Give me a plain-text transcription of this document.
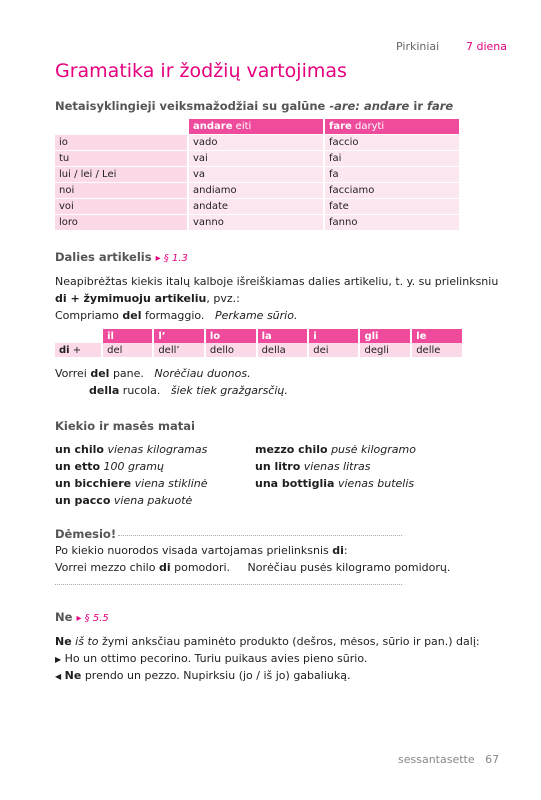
Pirkiniai 7 diena
Gramatika ir žodžių vartojimas
Netaisyklingieji veiksmažodžiai su galūne -are: andare ir fare
	andare eiti	fare daryti
io	vado	faccio
tu	vai	fai
lui / lei / Lei	va	fa
noi	andiamo	facciamo
voi	andate	fate
loro	vanno	fanno
Dalies artikelis ▸ § 1.3
Neapibrėžtas kiekis italų kalboje išreiškiamas dalies artikeliu, t. y. su prielinksniu
di + žymimuoju artikeliu, pvz.:
Compriamo del formaggio. Perkame sūrio.
	il	l’	lo	la	i	gli	le
di +	del	dell’	dello	della	dei	degli	delle
Vorrei del pane. Norėčiau duonos.
della rucola. šiek tiek gražgarsčių.
Kiekio ir masės matai
un chilo vienas kilogramas
un etto 100 gramų
un bicchiere viena stiklinė
un pacco viena pakuotė
mezzo chilo pusė kilogramo
un litro vienas litras
una bottiglia vienas butelis
Dėmesio!
Po kiekio nuorodos visada vartojamas prielinksnis di:
Vorrei mezzo chilo di pomodori. Norėčiau pusės kilogramo pomidorų.
Ne ▸ § 5.5
Ne iš to žymi anksčiau paminėto produkto (dešros, mėsos, sūrio ir pan.) dalį:
▶ Ho un ottimo pecorino. Turiu puikaus avies pieno sūrio.
◀ Ne prendo un pezzo. Nupirksiu (jo / iš jo) gabaliuką.
sessantasette 67
